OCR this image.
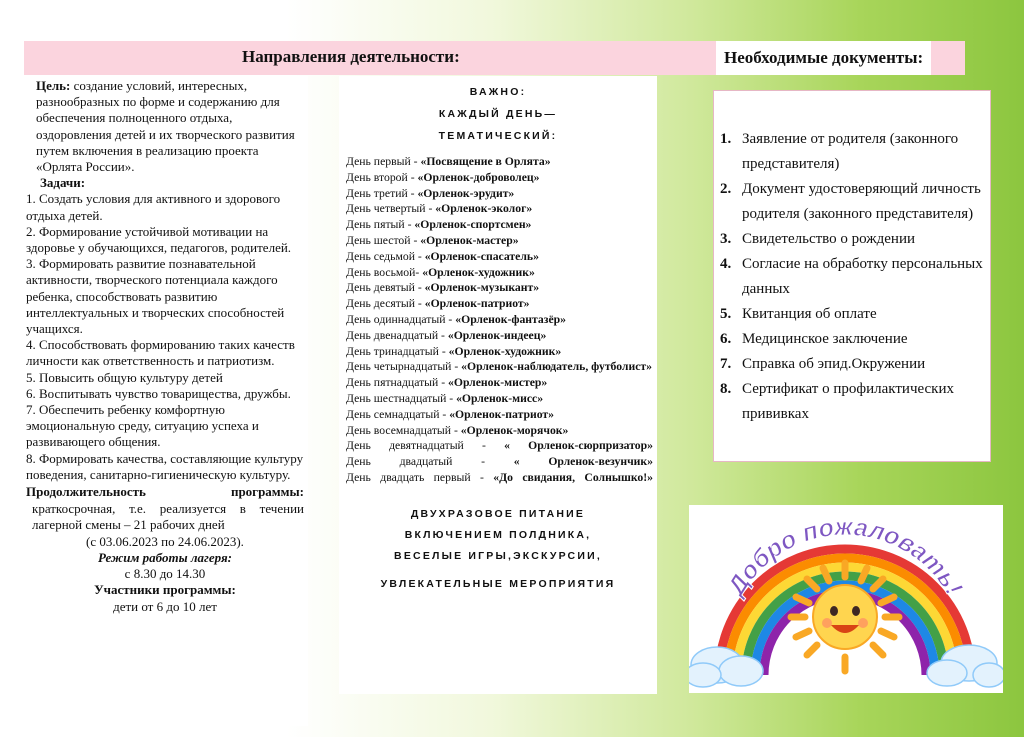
Направления деятельности:	Необходимые документы:

Цель: создание условий, интересных, разнообразных по форме и содержанию для обеспечения полноценного отдыха, оздоровления детей и их творческого развития путем включения в реализацию проекта «Орлята России».

Задачи:

1. Создать условия для активного и здорового отдыха детей.

2. Формирование устойчивой мотивации на здоровье у обучающихся, педагогов, родителей.

3. Формировать развитие познавательной активности, творческого потенциала каждого ребенка, способствовать развитию интеллектуальных и творческих способностей учащихся.

4. Способствовать формированию таких качеств личности как ответственность и патриотизм.

5. Повысить общую культуру детей

6. Воспитывать чувство товарищества, дружбы.

7. Обеспечить ребенку комфортную эмоциональную среду, ситуацию успеха и развивающего общения.

8. Формировать качества, составляющие культуру поведения, санитарно-гигиеническую культуру.

Продолжительность программы:

краткосрочная, т.е. реализуется в течении лагерной смены – 21 рабочих дней

(с 03.06.2023 по 24.06.2023).

Режим работы лагеря:

с 8.30 до 14.30

Участники программы:

дети от 6 до 10 лет

ВАЖНО:
КАЖДЫЙ ДЕНЬ—
ТЕМАТИЧЕСКИЙ:

День первый - «Посвящение в Орлята»

День второй - «Орленок-доброволец»

День третий - «Орленок-эрудит»

День четвертый - «Орленок-эколог»

День пятый - «Орленок-спортсмен»

День шестой - «Орленок-мастер»

День седьмой - «Орленок-спасатель»

День восьмой- «Орленок-художник»

День девятый - «Орленок-музыкант»

День десятый - «Орленок-патриот»

День одиннадцатый - «Орленок-фантазёр»

День двенадцатый - «Орленок-индеец»

День тринадцатый - «Орленок-художник»

День четырнадцатый - «Орленок-наблюдатель, футболист»

День пятнадцатый - «Орленок-мистер»

День шестнадцатый - «Орленок-мисс»

День семнадцатый - «Орленок-патриот»

День восемнадцатый - «Орленок-морячок»

День девятнадцатый - « Орленок-сюрпризатор»

День двадцатый - « Орленок-везунчик»

День двадцать первый - «До свидания, Солнышко!»

ДВУХРАЗОВОЕ ПИТАНИЕ

ВКЛЮЧЕНИЕМ ПОЛДНИКА,

ВЕСЕЛЫЕ ИГРЫ,ЭКСКУРСИИ,

УВЛЕКАТЕЛЬНЫЕ МЕРОПРИЯТИЯ

1. Заявление от родителя (законного представителя)
2. Документ удостоверяющий личность родителя (законного представителя)
3. Свидетельство о рождении
4. Согласие на обработку персональных данных
5. Квитанция об оплате
6. Медицинское заключение
7. Справка об эпид.Окружении
8. Сертификат о профилактических прививках
Добро пожаловать!
